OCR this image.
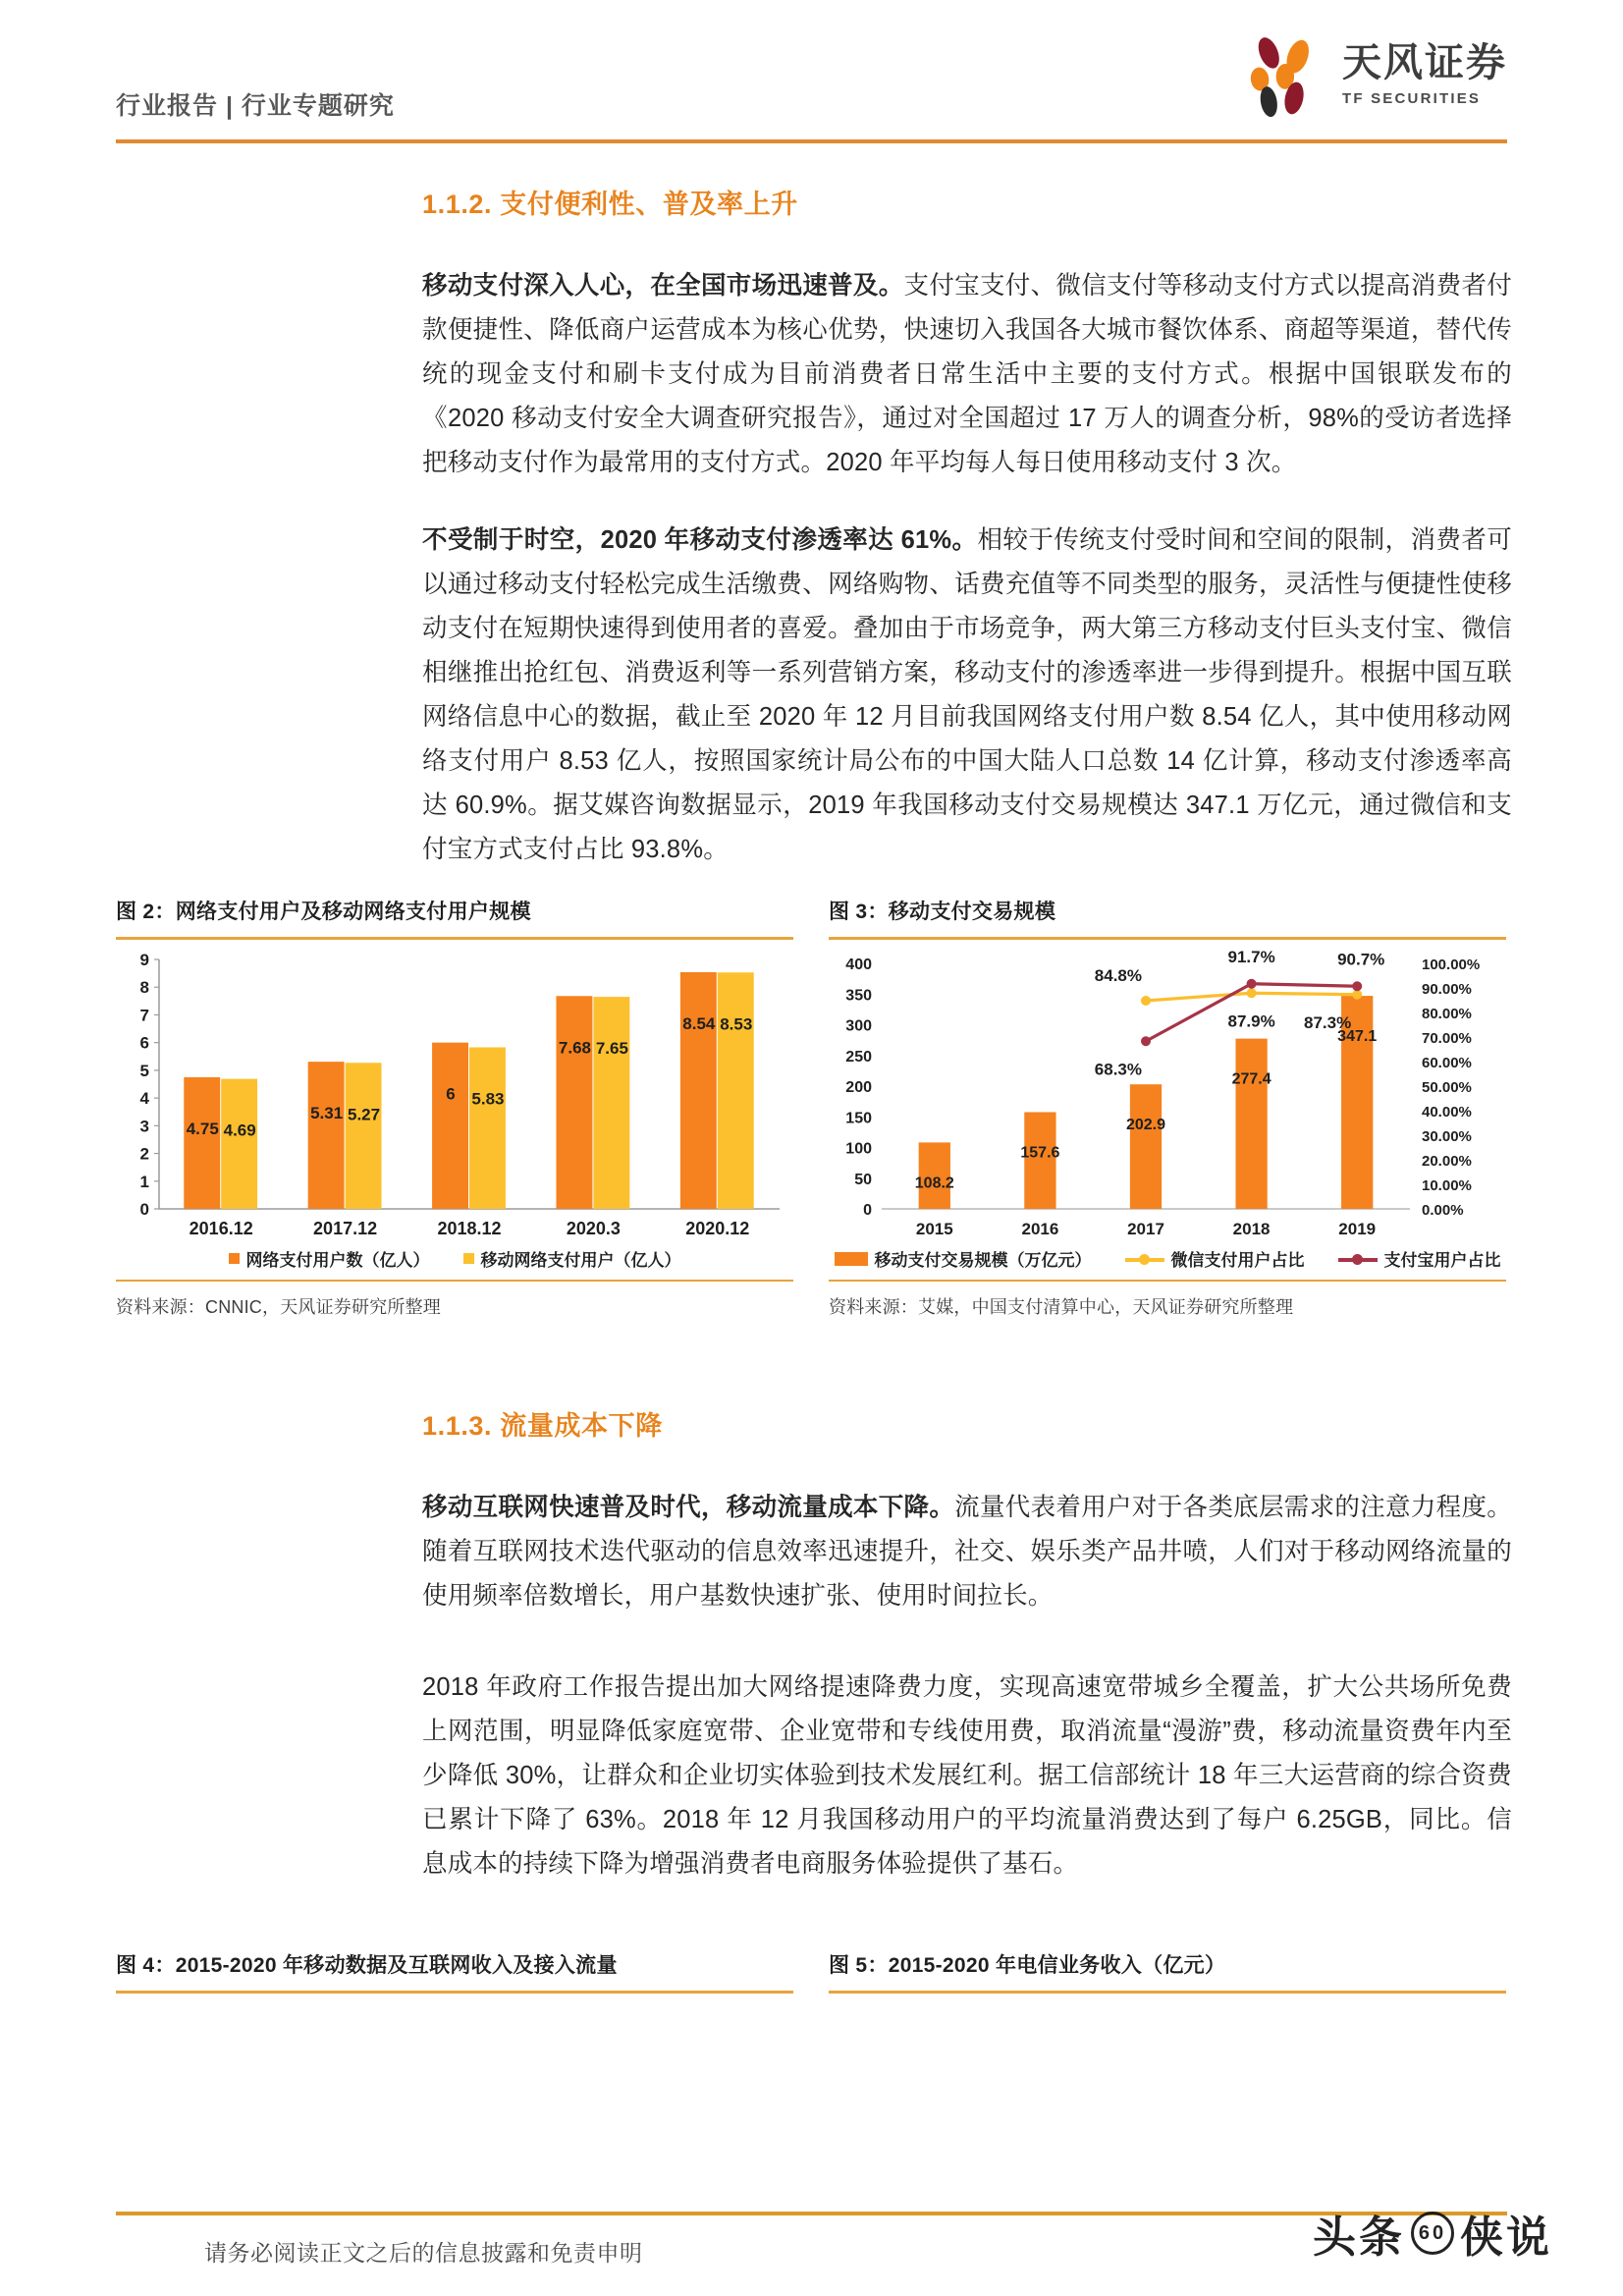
行业报告 | 行业专题研究
天风证券
TF SECURITIES
1.1.2. 支付便利性、普及率上升

移动支付深入人心，在全国市场迅速普及。支付宝支付、微信支付等移动支付方式以提高消费者付款便捷性、降低商户运营成本为核心优势，快速切入我国各大城市餐饮体系、商超等渠道，替代传统的现金支付和刷卡支付成为目前消费者日常生活中主要的支付方式。根据中国银联发布的《2020 移动支付安全大调查研究报告》，通过对全国超过 17 万人的调查分析，98%的受访者选择把移动支付作为最常用的支付方式。2020 年平均每人每日使用移动支付 3 次。

不受制于时空，2020 年移动支付渗透率达 61%。相较于传统支付受时间和空间的限制，消费者可以通过移动支付轻松完成生活缴费、网络购物、话费充值等不同类型的服务，灵活性与便捷性使移动支付在短期快速得到使用者的喜爱。叠加由于市场竞争，两大第三方移动支付巨头支付宝、微信相继推出抢红包、消费返利等一系列营销方案，移动支付的渗透率进一步得到提升。根据中国互联网络信息中心的数据，截止至 2020 年 12 月目前我国网络支付用户数 8.54 亿人，其中使用移动网络支付用户 8.53 亿人，按照国家统计局公布的中国大陆人口总数 14 亿计算，移动支付渗透率高达 60.9%。据艾媒咨询数据显示，2019 年我国移动支付交易规模达 347.1 万亿元，通过微信和支付宝方式支付占比 93.8%。

图 2：网络支付用户及移动网络支付用户规模
0
1
2
3
4
5
6
7
8
9
4.75 4.69
2016.12
5.31 5.27
2017.12
6 5.83
2018.12
7.68 7.65
2020.3
8.54 8.53
2020.12
网络支付用户数（亿人）	移动网络支付用户（亿人）
资料来源：CNNIC，天风证券研究所整理
图 3：移动支付交易规模
0
50
100
150
200
250
300
350
400
0.00%
10.00%
20.00%
30.00%
40.00%
50.00%
60.00%
70.00%
80.00%
90.00%
100.00%
108.2
2015
157.6
2016
202.9
2017
277.4
2018
347.1
2019
84.8%
87.9% 87.3%
68.3%
91.7%	90.7%
移动支付交易规模（万亿元）	微信支付用户占比	支付宝用户占比
资料来源：艾媒，中国支付清算中心，天风证券研究所整理
1.1.3. 流量成本下降

移动互联网快速普及时代，移动流量成本下降。流量代表着用户对于各类底层需求的注意力程度。随着互联网技术迭代驱动的信息效率迅速提升，社交、娱乐类产品井喷，人们对于移动网络流量的使用频率倍数增长，用户基数快速扩张、使用时间拉长。

2018 年政府工作报告提出加大网络提速降费力度，实现高速宽带城乡全覆盖，扩大公共场所免费上网范围，明显降低家庭宽带、企业宽带和专线使用费，取消流量“漫游”费，移动流量资费年内至少降低 30%，让群众和企业切实体验到技术发展红利。据工信部统计 18 年三大运营商的综合资费已累计下降了 63%。2018 年 12 月我国移动用户的平均流量消费达到了每户 6.25GB，同比。信息成本的持续下降为增强消费者电商服务体验提供了基石。

图 4：2015-2020 年移动数据及互联网收入及接入流量	图 5：2015-2020 年电信业务收入（亿元）
请务必阅读正文之后的信息披露和免责申明	头条 60 侠说
